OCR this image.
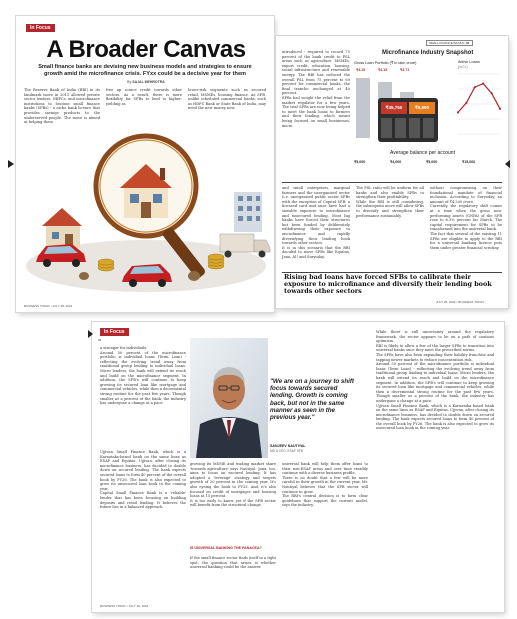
In Focus
A Broader Canvas
Small finance banks are devising new business models and strategies to ensure growth amid the microfinance crisis. FYxx could be a decisive year for them
By SAJAL MEHROTRA
The Reserve Bank of India (RBI) in its landmark move in 2015 allowed private sector lenders, NBFCs, and microfinance institutions to become small finance banks (SFBs) - a niche bank licence that provides savings products to the underserved people. The move is aimed at helping them
free up scarce credit towards other sectors. As a result, there is more flexibility for SFBs to lend to higher-yielding as
lower-risk segments such as secured retail, MSMEs, housing finance. As SFB, unlike scheduled commercial banks, such as HDFC Bank or State Bank of India, may need the new money now.
BUSINESS TODAY • JULY 28, 2024
SMALL FINANCE BANKS | 91
introduced - required to record 75 percent of the bank credit to PSL areas such as agriculture, MSMEs, export credit, education, housing, social infrastructure and renewable energy. The RBI has reduced the overall PSL from 75 percent to 60 percent for commercial banks, the final tranche unchanged at 40 percent.
SFBs had sought the relief from the market regulator for a few years. The trial SFBs are now being helped to meet the bank loans to farmers and their lending, which meant being focused on small businesses, micro
Microfinance Industry Snapshot
Gross Loan Portfolio (₹ in lakh crore)	Active Loans
(in Cr.)
₹4.15	₹4.15	₹2.71
₹45,750	₹5,990
Average balance per account
₹5,000	₹4,000	₹5,000	₹15,000
and small enterprises, marginal farmers and the unorganised sector (i.e. unorganised public sector SFBs with the exception of Capital SFB: a licensed card and ones have had a sizeable exposure to microfinance and unsecured lending. Most big banks have forced their structures but been funded by deliberately withdrawing their exposure to microfinance and rapidly diversifying their lending book towards other sectors.
It is in this scenario that the RBI decided to move SFBs like Equitas, Jana, AU and Suryoday.
The PSL ratio will be uniform for all banks and also enable SFBs to strengthen their profitability.
While the RBI is still considering, the subsequent move will allow SFBs to diversify and strengthen their performance sustainably.
without compromising on their foundational mandate of financial inclusion. According to Suryoday, an amount of ₹4,200 crore.
Currently, the regulatory shift comes at a time when the gross non-performing assets (GNPA) of the SFB rose to 6.3% percent for March. The capital requirement for SFBs to be transformed into the universal bank.
The fact that several of the existing 11 SFBs are eligible to apply to the RBI for a universal banking licence puts them under greater financial scrutiny.
Rising bad loans have forced SFBs to calibrate their exposure to microfinance and diversify their lending book towards other sectors
JULY 28, 2024 • BUSINESS TODAY
In Focus
92
a stronger for individuals.
Around 50 percent of the microfinance portfolio is individual loans (Term Loan) - reflecting the evolving trend away from traditional group lending to individual loans. Micro lenders, the bank will extend its reach and build on the microfinance segment. In addition, the SFB's will continue to keep growing its secured loan like mortgage and commercial vehicles, while then a decremental strong routine for the past few years. Though smaller as a percent of the bank, the industry has undergone a change at a pace.
Ujjivan Small Finance Bank, which is a Karnataka-based bank on the same lines as ESAF and Equitas. Ujjivan, after closing its microfinance business, has decided to double down on secured lending. The bank expects secured loans to form 40 percent of the overall book by FY26. The bank is also expected to grow its unsecured loan book in the coming year.
Capital Small Finance Bank is a 'reliable' lender that has been focusing on building deposits and retail lending. It believes the future lies in a balanced approach.
"We are on a journey to shift focus towards secured lending. Growth is coming back, but not in the same manner as seen in the previous year."
SANJEEV NAUTIYAL
MD & CEO, ESAF SFB
growing its MSME and trading market share 'towards agriculture' says Nautiyal. Jana, too, aims to focus on secured lending. It has adopted a 'leverage' strategy and targets growth of 20 percent in the coming year. It's also eyeing the book to FY25. And, it's also focused on credit of mortgages and housing loans at 15 percent.
It is too early to know, yet if the SFB sector will benefit from the structural change.
IS UNIVERSAL BANKING THE PANACEA?
If the small finance sector finds itself in a tight spot, the question that arises is whether universal banking could be the answer.
universal bank will help them offer loans to their non-ESAF areas and over time steadily continue with a diverse business profile.
There is no doubt that a few will be more careful in their growth in the current year. Mr. Nautiyal believes that the SFB sector will continue to grow.
The RBI's central decision is to form clear guidelines that support the current model, says the industry.
While there is still uncertainty around the regulatory framework, the sector appears to be on a path of cautious optimism.
RBI is likely to allow a few of the larger SFBs to transition into universal banks once they meet the prescribed norms.
The SFBs have also been expanding their liability franchise and tapping newer markets to reduce concentration risk.
Around 50 percent of the microfinance portfolio is individual loans (Term Loan) - reflecting the evolving trend away from traditional group lending to individual loans. Micro lenders, the bank will extend its reach and build on the microfinance segment. In addition, the SFB's will continue to keep growing its secured loan like mortgage and commercial vehicles, while then a decremental strong routine for the past few years. Though smaller as a percent of the bank, the industry has undergone a change at a pace.
Ujjivan Small Finance Bank, which is a Karnataka-based bank on the same lines as ESAF and Equitas. Ujjivan, after closing its microfinance business, has decided to double down on secured lending. The bank expects secured loans to form 40 percent of the overall book by FY26. The bank is also expected to grow its unsecured loan book in the coming year.
BUSINESS TODAY • JULY 28, 2024
